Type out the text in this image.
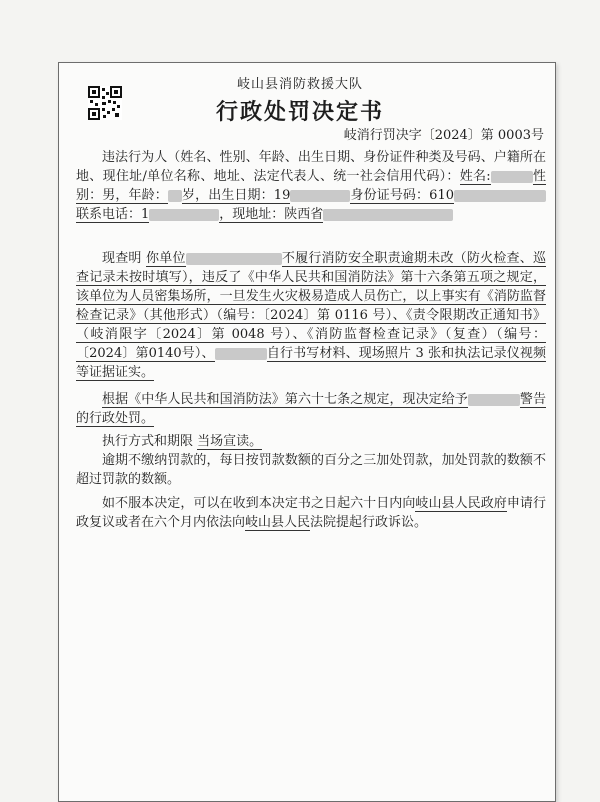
岐山县消防救援大队
行政处罚决定书
岐消行罚决字〔2024〕第 0003号
违法行为人（姓名、性别、年龄、出生日期、身份证件种类及号码、户籍所在地、现住址/单位名称、地址、法定代表人、统一社会信用代码）：姓名:	性别：男，年龄： 岁，出生日期：19	身份证号码：610联系电话：1	，现地址：陕西省
现查明 你单位	不履行消防安全职责逾期未改（防火检查、巡查记录未按时填写），违反了《中华人民共和国消防法》第十六条第五项之规定，该单位为人员密集场所，一旦发生火灾极易造成人员伤亡，以上事实有《消防监督检查记录》（其他形式）（编号：〔2024〕第 0116 号）、《责令限期改正通知书》（岐消限字〔2024〕第 0048 号）、《消防监督检查记录》（复查）（编号：〔2024〕第0140号）、	自行书写材料、现场照片 3 张和执法记录仪视频等证据证实。
根据《中华人民共和国消防法》第六十七条之规定，现决定给予	警告的行政处罚。
执行方式和期限 当场宣读。
逾期不缴纳罚款的，每日按罚款数额的百分之三加处罚款，加处罚款的数额不超过罚款的数额。
如不服本决定，可以在收到本决定书之日起六十日内向岐山县人民政府申请行政复议或者在六个月内依法向岐山县人民法院提起行政诉讼。
